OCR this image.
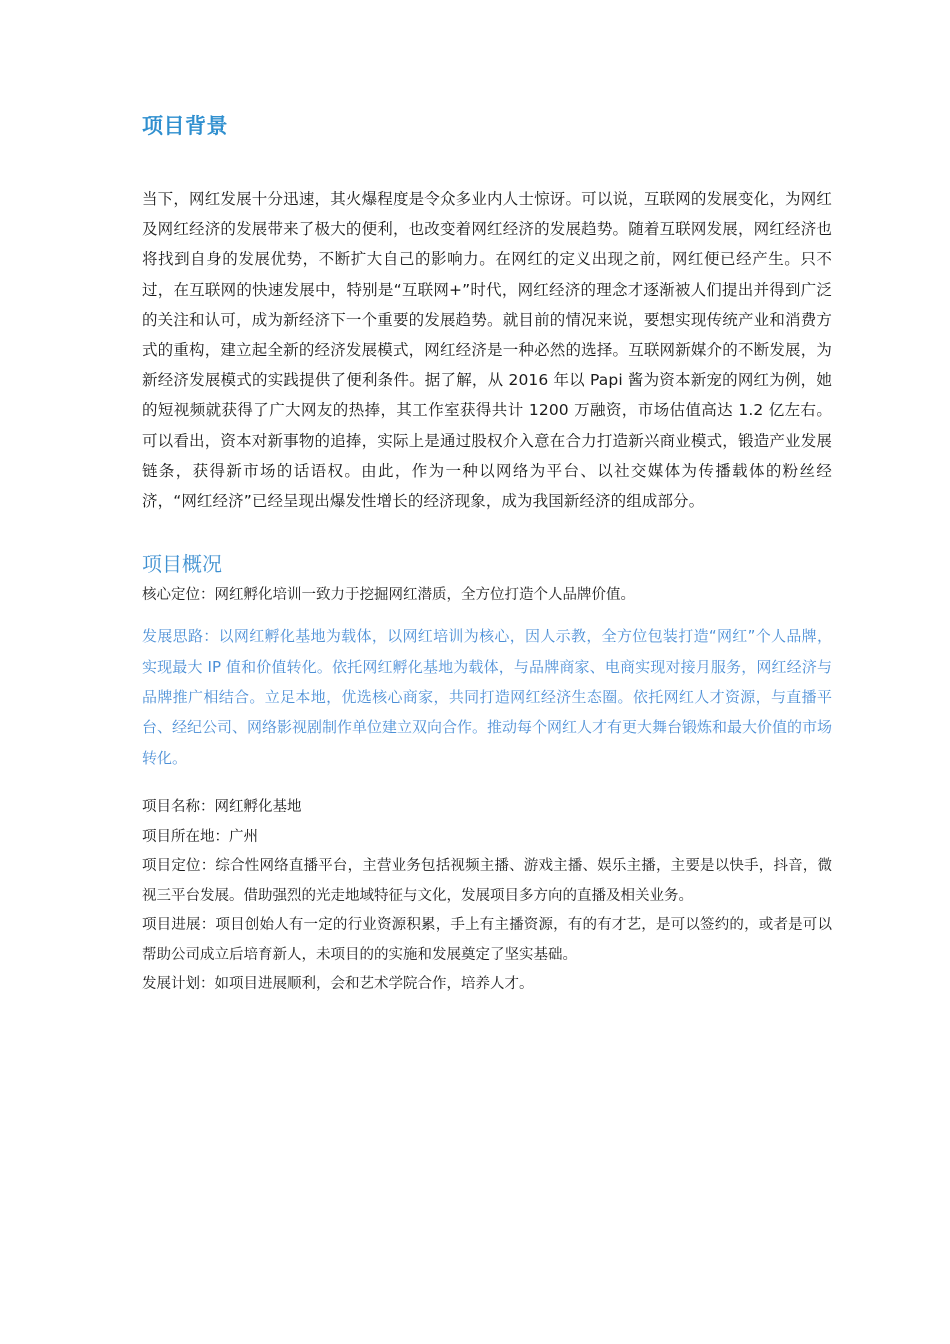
项目背景

当下，网红发展十分迅速，其火爆程度是令众多业内人士惊讶。可以说，互联网的发展变化，为网红及网红经济的发展带来了极大的便利，也改变着网红经济的发展趋势。随着互联网发展，网红经济也将找到自身的发展优势，不断扩大自己的影响力。在网红的定义出现之前，网红便已经产生。只不过，在互联网的快速发展中，特别是“互联网+”时代，网红经济的理念才逐渐被人们提出并得到广泛的关注和认可，成为新经济下一个重要的发展趋势。就目前的情况来说，要想实现传统产业和消费方式的重构，建立起全新的经济发展模式，网红经济是一种必然的选择。互联网新媒介的不断发展，为新经济发展模式的实践提供了便利条件。据了解，从 2016 年以 Papi 酱为资本新宠的网红为例，她的短视频就获得了广大网友的热捧，其工作室获得共计 1200 万融资，市场估值高达 1.2 亿左右。可以看出，资本对新事物的追捧，实际上是通过股权介入意在合力打造新兴商业模式，锻造产业发展链条，获得新市场的话语权。由此，作为一种以网络为平台、以社交媒体为传播载体的粉丝经济，“网红经济”已经呈现出爆发性增长的经济现象，成为我国新经济的组成部分。

项目概况

核心定位：网红孵化培训一致力于挖掘网红潜质，全方位打造个人品牌价值。

发展思路：以网红孵化基地为载体，以网红培训为核心，因人示教，全方位包装打造“网红”个人品牌，实现最大 IP 值和价值转化。依托网红孵化基地为载体，与品牌商家、电商实现对接月服务，网红经济与品牌推广相结合。立足本地，优选核心商家，共同打造网红经济生态圈。依托网红人才资源，与直播平台、经纪公司、网络影视剧制作单位建立双向合作。推动每个网红人才有更大舞台锻炼和最大价值的市场转化。

项目名称：网红孵化基地
项目所在地：广州
项目定位：综合性网络直播平台，主营业务包括视频主播、游戏主播、娱乐主播，主要是以快手，抖音，微视三平台发展。借助强烈的光走地域特征与文化，发展项目多方向的直播及相关业务。
项目进展：项目创始人有一定的行业资源积累，手上有主播资源，有的有才艺，是可以签约的，或者是可以帮助公司成立后培育新人，未项目的的实施和发展奠定了坚实基础。
发展计划：如项目进展顺利，会和艺术学院合作，培养人才。
